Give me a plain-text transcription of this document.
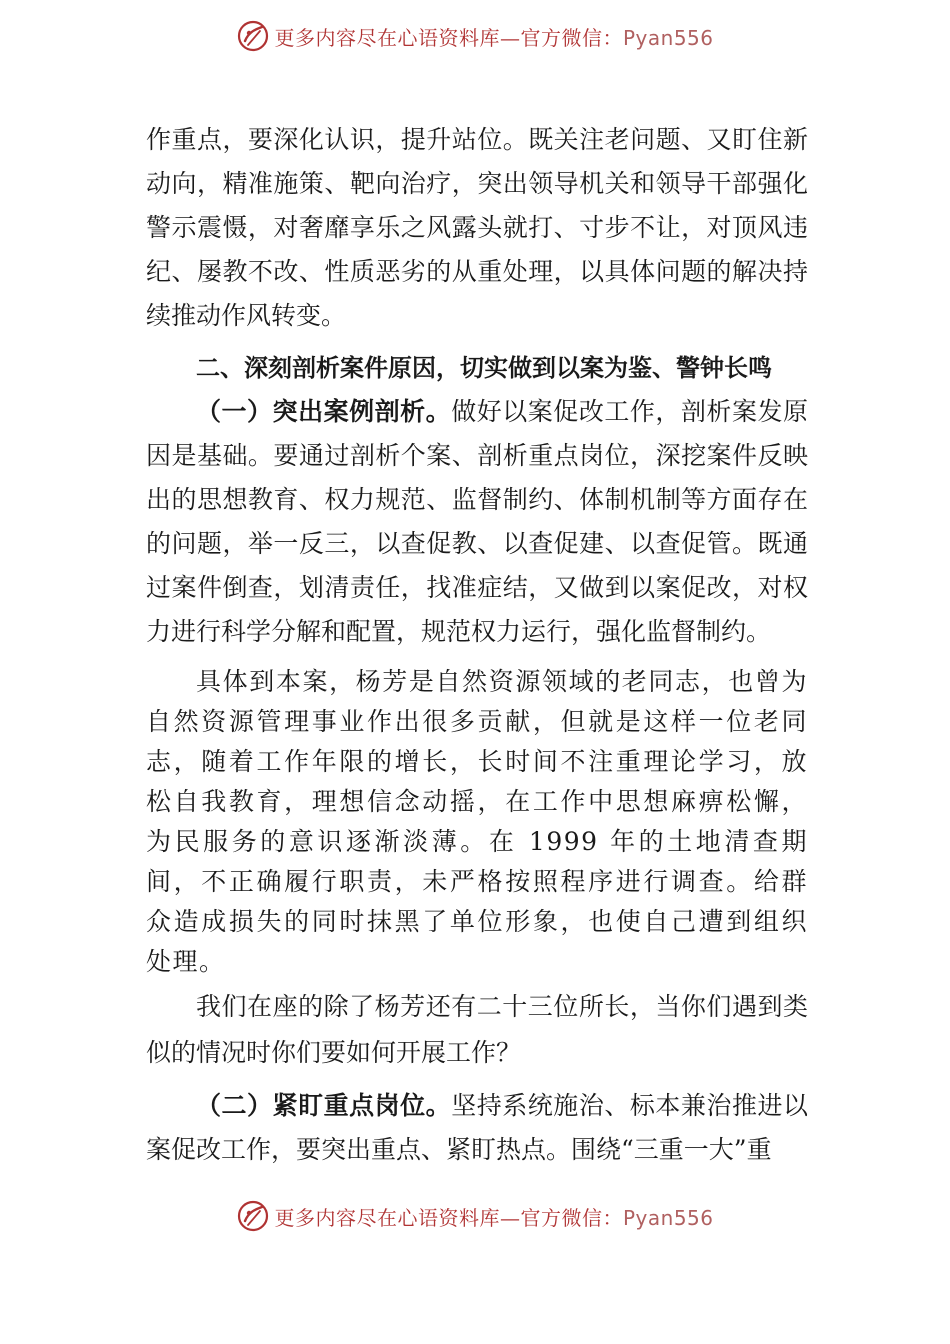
更多内容尽在心语资料库—官方微信：Pyan556

作重点，要深化认识，提升站位。既关注老问题、又盯住新动向，精准施策、靶向治疗，突出领导机关和领导干部强化警示震慑，对奢靡享乐之风露头就打、寸步不让，对顶风违纪、屡教不改、性质恶劣的从重处理，以具体问题的解决持续推动作风转变。

二、深刻剖析案件原因，切实做到以案为鉴、警钟长鸣

（一）突出案例剖析。做好以案促改工作，剖析案发原因是基础。要通过剖析个案、剖析重点岗位，深挖案件反映出的思想教育、权力规范、监督制约、体制机制等方面存在的问题，举一反三，以查促教、以查促建、以查促管。既通过案件倒查，划清责任，找准症结，又做到以案促改，对权力进行科学分解和配置，规范权力运行，强化监督制约。

具体到本案，杨芳是自然资源领域的老同志，也曾为自然资源管理事业作出很多贡献，但就是这样一位老同志，随着工作年限的增长，长时间不注重理论学习，放松自我教育，理想信念动摇，在工作中思想麻痹松懈，为民服务的意识逐渐淡薄。在 1999 年的土地清查期间，不正确履行职责，未严格按照程序进行调查。给群众造成损失的同时抹黑了单位形象，也使自己遭到组织处理。

我们在座的除了杨芳还有二十三位所长，当你们遇到类似的情况时你们要如何开展工作？

（二）紧盯重点岗位。坚持系统施治、标本兼治推进以案促改工作，要突出重点、紧盯热点。围绕“三重一大”重

更多内容尽在心语资料库—官方微信：Pyan556
